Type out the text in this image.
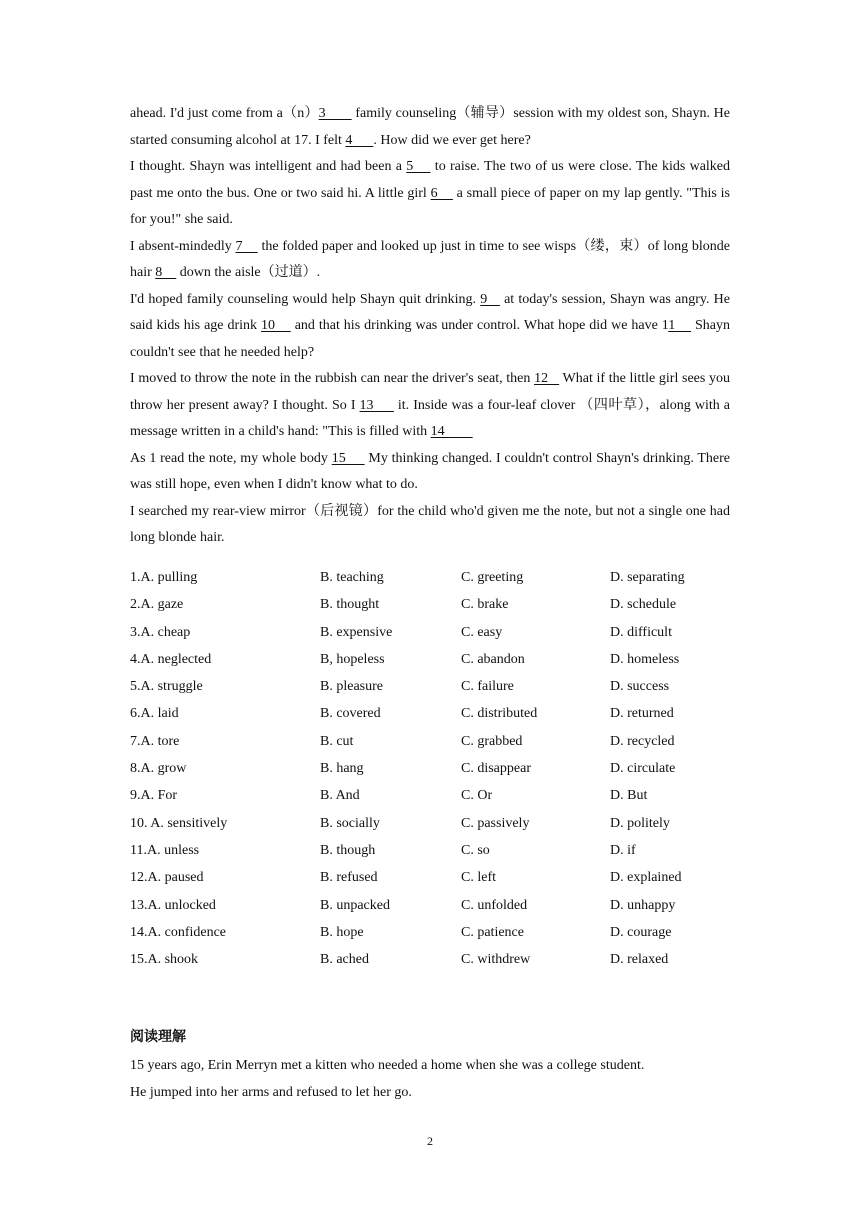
ahead. I'd just come from a（n）3        family counseling（辅导）session with my oldest son, Shayn. He started consuming alcohol at 17. I felt 4      . How did we ever get here?

I thought. Shayn was intelligent and had been a 5     to raise. The two of us were close. The kids walked past me onto the bus. One or two said hi. A little girl 6     a small piece of paper on my lap gently. "This is for you!" she said.

I absent-mindedly 7     the folded paper and looked up just in time to see wisps（缕，束）of long blonde hair 8     down the aisle（过道）.

I'd hoped family counseling would help Shayn quit drinking. 9    at today's session, Shayn was angry. He said kids his age drink 10     and that his drinking was under control. What hope did we have 11     Shayn couldn't see that he needed help?

I moved to throw the note in the rubbish can near the driver's seat, then 12    What if the little girl sees you throw her present away? I thought. So I 13      it. Inside was a four-leaf clover （四叶草），along with a message written in a child's hand: "This is filled with 14

As 1 read the note, my whole body 15      My thinking changed. I couldn't control Shayn's drinking. There was still hope, even when I didn't know what to do.

I searched my rear-view mirror（后视镜）for the child who'd given me the note, but not a single one had long blonde hair.

1.A. pulling	B. teaching	C. greeting	D. separating
2.A. gaze	B. thought	C. brake	D. schedule
3.A. cheap	B. expensive	C. easy	D. difficult
4.A. neglected	B, hopeless	C. abandon	D. homeless
5.A. struggle	B. pleasure	C. failure	D. success
6.A. laid	B. covered	C. distributed	D. returned
7.A. tore	B. cut	C. grabbed	D. recycled
8.A. grow	B. hang	C. disappear	D. circulate
9.A. For	B. And	C. Or	D. But
10. A. sensitively	B. socially	C. passively	D. politely
11.A. unless	B. though	C. so	D. if
12.A. paused	B. refused	C. left	D. explained
13.A. unlocked	B. unpacked	C. unfolded	D. unhappy
14.A. confidence	B. hope	C. patience	D. courage
15.A. shook	B. ached	C. withdrew	D. relaxed
阅读理解

15 years ago, Erin Merryn met a kitten who needed a home when she was a college student.

He jumped into her arms and refused to let her go.

2
